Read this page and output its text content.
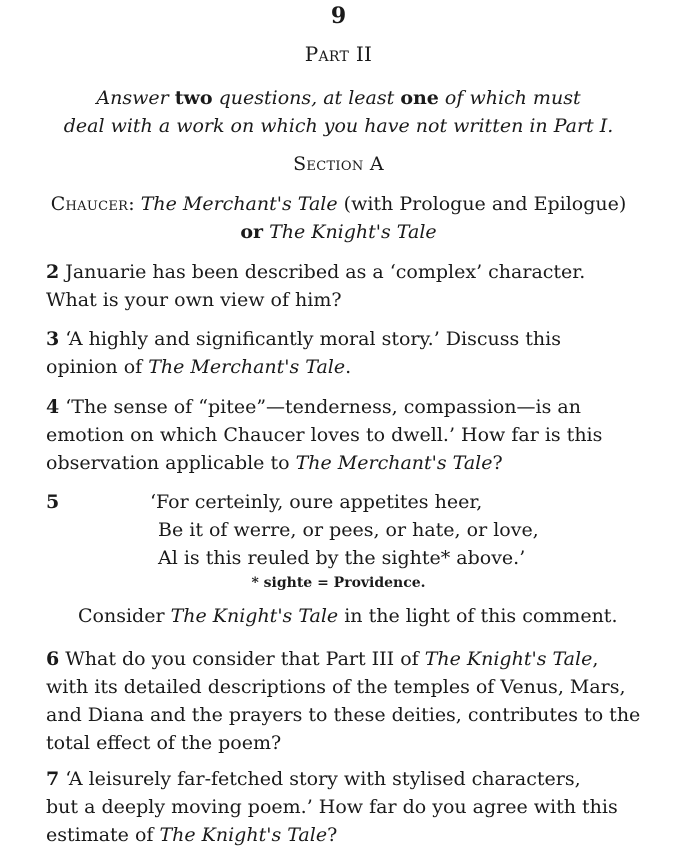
9
Part II
Answer two questions, at least one of which must
deal with a work on which you have not written in Part I.
Section A
Chaucer: The Merchant's Tale (with Prologue and Epilogue)
or The Knight's Tale
2 Januarie has been described as a ‘complex’ character.
What is your own view of him?
3 ‘A highly and significantly moral story.’ Discuss this
opinion of The Merchant's Tale.
4 ‘The sense of “pitee”—tenderness, compassion—is an
emotion on which Chaucer loves to dwell.’ How far is this
observation applicable to The Merchant's Tale?
5	‘For certeinly, oure appetites heer,
Be it of werre, or pees, or hate, or love,
Al is this reuled by the sighte* above.’
* sighte = Providence.
Consider The Knight's Tale in the light of this comment.
6 What do you consider that Part III of The Knight's Tale,
with its detailed descriptions of the temples of Venus, Mars,
and Diana and the prayers to these deities, contributes to the
total effect of the poem?
7 ‘A leisurely far-fetched story with stylised characters,
but a deeply moving poem.’ How far do you agree with this
estimate of The Knight's Tale?
